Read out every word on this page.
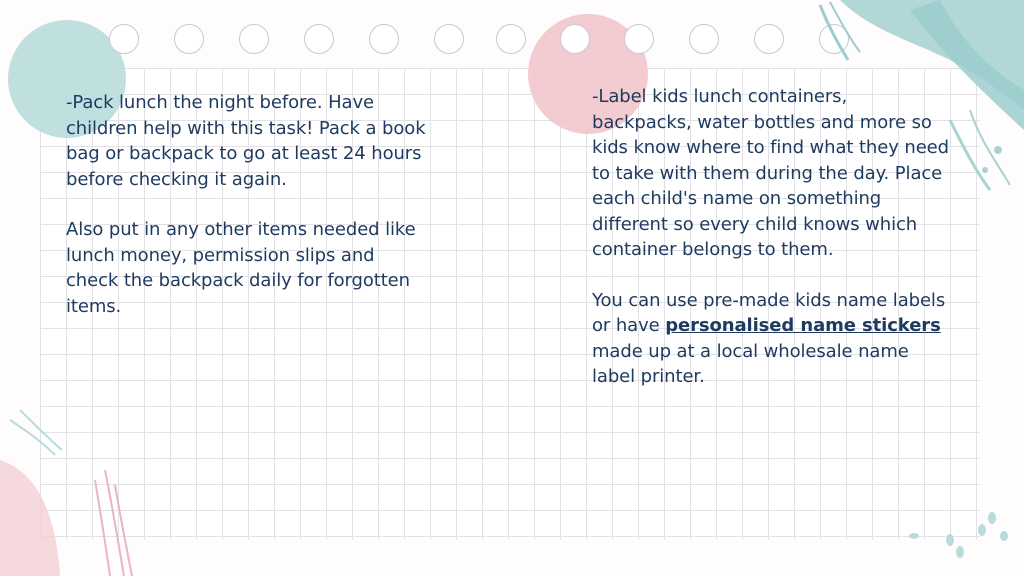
-Pack lunch the night before. Have children help with this task! Pack a book bag or backpack to go at least 24 hours before checking it again.

Also put in any other items needed like lunch money, permission slips and check the backpack daily for forgotten items.

-Label kids lunch containers, backpacks, water bottles and more so kids know where to find what they need to take with them during the day. Place each child's name on something different so every child knows which container belongs to them.

You can use pre-made kids name labels or have personalised name stickers made up at a local wholesale name label printer.
